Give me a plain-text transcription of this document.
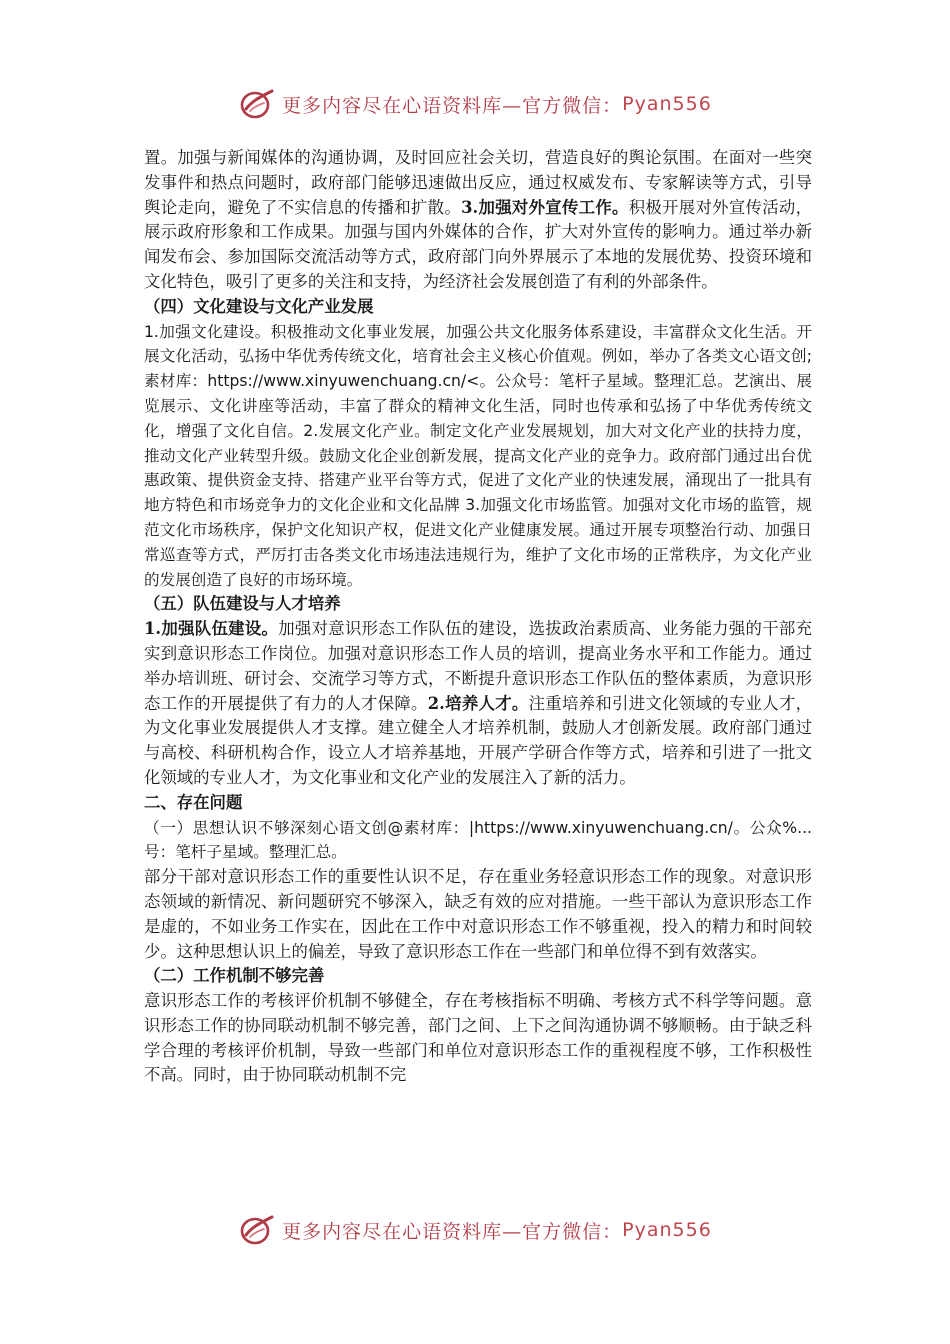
更多内容尽在心语资料库—官方微信： Pyan556

置。加强与新闻媒体的沟通协调，及时回应社会关切，营造良好的舆论氛围。在面对一些突发事件和热点问题时，政府部门能够迅速做出反应，通过权威发布、专家解读等方式，引导舆论走向，避免了不实信息的传播和扩散。3.加强对外宣传工作。积极开展对外宣传活动，展示政府形象和工作成果。加强与国内外媒体的合作，扩大对外宣传的影响力。通过举办新闻发布会、参加国际交流活动等方式，政府部门向外界展示了本地的发展优势、投资环境和文化特色，吸引了更多的关注和支持，为经济社会发展创造了有利的外部条件。

（四）文化建设与文化产业发展

1.加强文化建设。积极推动文化事业发展，加强公共文化服务体系建设，丰富群众文化生活。开展文化活动，弘扬中华优秀传统文化，培育社会主义核心价值观。例如，举办了各类文心语文创;素材库：https://www.xinyuwenchuang.cn/<。公众号：笔杆子星域。整理汇总。艺演出、展览展示、文化讲座等活动，丰富了群众的精神文化生活，同时也传承和弘扬了中华优秀传统文化，增强了文化自信。2.发展文化产业。制定文化产业发展规划，加大对文化产业的扶持力度，推动文化产业转型升级。鼓励文化企业创新发展，提高文化产业的竞争力。政府部门通过出台优惠政策、提供资金支持、搭建产业平台等方式，促进了文化产业的快速发展，涌现出了一批具有地方特色和市场竞争力的文化企业和文化品牌 3.加强文化市场监管。加强对文化市场的监管，规范文化市场秩序，保护文化知识产权，促进文化产业健康发展。通过开展专项整治行动、加强日常巡查等方式，严厉打击各类文化市场违法违规行为，维护了文化市场的正常秩序，为文化产业的发展创造了良好的市场环境。

（五）队伍建设与人才培养

1.加强队伍建设。加强对意识形态工作队伍的建设，选拔政治素质高、业务能力强的干部充实到意识形态工作岗位。加强对意识形态工作人员的培训，提高业务水平和工作能力。通过举办培训班、研讨会、交流学习等方式，不断提升意识形态工作队伍的整体素质，为意识形态工作的开展提供了有力的人才保障。2.培养人才。注重培养和引进文化领域的专业人才，为文化事业发展提供人才支撑。建立健全人才培养机制，鼓励人才创新发展。政府部门通过与高校、科研机构合作，设立人才培养基地，开展产学研合作等方式，培养和引进了一批文化领域的专业人才，为文化事业和文化产业的发展注入了新的活力。

二、存在问题

（一）思想认识不够深刻心语文创@素材库：|https://www.xinyuwenchuang.cn/。公众%...号：笔杆子星域。整理汇总。

部分干部对意识形态工作的重要性认识不足，存在重业务轻意识形态工作的现象。对意识形态领域的新情况、新问题研究不够深入，缺乏有效的应对措施。一些干部认为意识形态工作是虚的，不如业务工作实在，因此在工作中对意识形态工作不够重视，投入的精力和时间较少。这种思想认识上的偏差，导致了意识形态工作在一些部门和单位得不到有效落实。

（二）工作机制不够完善

意识形态工作的考核评价机制不够健全，存在考核指标不明确、考核方式不科学等问题。意识形态工作的协同联动机制不够完善，部门之间、上下之间沟通协调不够顺畅。由于缺乏科学合理的考核评价机制，导致一些部门和单位对意识形态工作的重视程度不够，工作积极性不高。同时，由于协同联动机制不完

更多内容尽在心语资料库—官方微信： Pyan556
